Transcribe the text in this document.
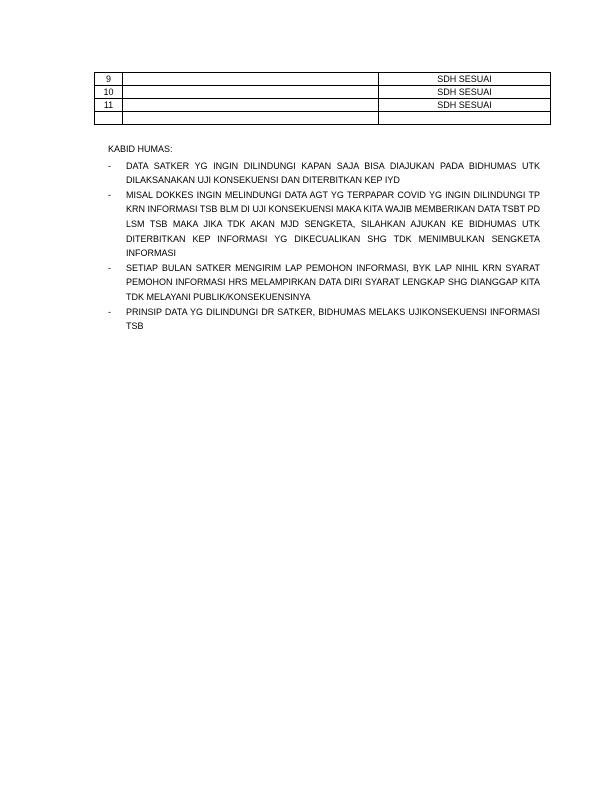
9		SDH SESUAI
10		SDH SESUAI
11		SDH SESUAI

KABID HUMAS:
- DATA SATKER YG INGIN DILINDUNGI KAPAN SAJA BISA DIAJUKAN PADA BIDHUMAS UTK DILAKSANAKAN UJI KONSEKUENSI DAN DITERBITKAN KEP IYD
- MISAL DOKKES INGIN MELINDUNGI DATA AGT YG TERPAPAR COVID YG INGIN DILINDUNGI TP KRN INFORMASI TSB BLM DI UJI KONSEKUENSI MAKA KITA WAJIB MEMBERIKAN DATA TSBT PD LSM TSB MAKA JIKA TDK AKAN MJD SENGKETA, SILAHKAN AJUKAN KE BIDHUMAS UTK DITERBITKAN KEP INFORMASI YG DIKECUALIKAN SHG TDK MENIMBULKAN SENGKETA INFORMASI
- SETIAP BULAN SATKER MENGIRIM LAP PEMOHON INFORMASI, BYK LAP NIHIL KRN SYARAT PEMOHON INFORMASI HRS MELAMPIRKAN DATA DIRI SYARAT LENGKAP SHG DIANGGAP KITA TDK MELAYANI PUBLIK/KONSEKUENSINYA
- PRINSIP DATA YG DILINDUNGI DR SATKER, BIDHUMAS MELAKS UJIKONSEKUENSI INFORMASI TSB
